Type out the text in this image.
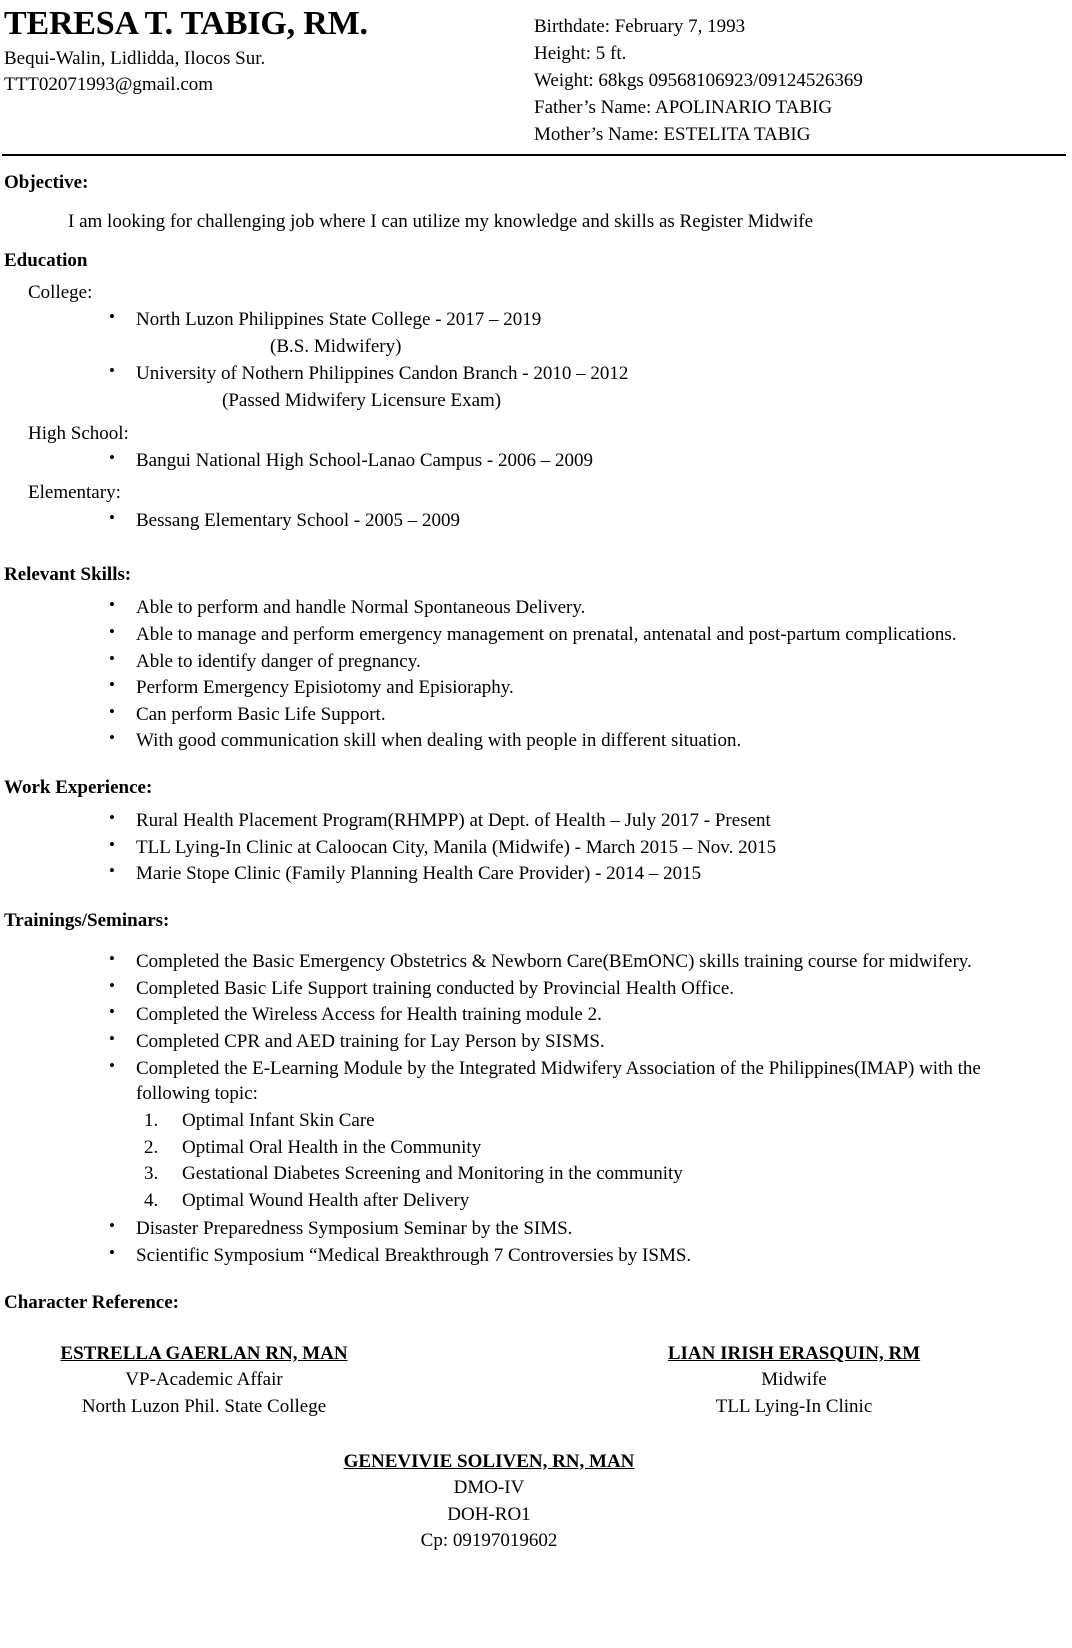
TERESA T. TABIG, RM.
Bequi-Walin, Lidlidda, Ilocos Sur.
TTT02071993@gmail.com
Birthdate: February 7, 1993
Height: 5 ft.
Weight: 68kgs 09568106923/09124526369
Father’s Name: APOLINARIO TABIG
Mother’s Name: ESTELITA TABIG
Objective:

I am looking for challenging job where I can utilize my knowledge and skills as Register Midwife

Education

College:

• North Luzon Philippines State College - 2017 – 2019
(B.S. Midwifery)
• University of Nothern Philippines Candon Branch - 2010 – 2012
(Passed Midwifery Licensure Exam)

High School:

• Bangui National High School-Lanao Campus - 2006 – 2009

Elementary:

• Bessang Elementary School - 2005 – 2009
Relevant Skills:
• Able to perform and handle Normal Spontaneous Delivery.
• Able to manage and perform emergency management on prenatal, antenatal and post-partum complications.
• Able to identify danger of pregnancy.
• Perform Emergency Episiotomy and Episioraphy.
• Can perform Basic Life Support.
• With good communication skill when dealing with people in different situation.
Work Experience:
• Rural Health Placement Program(RHMPP) at Dept. of Health – July 2017 - Present
• TLL Lying-In Clinic at Caloocan City, Manila (Midwife) - March 2015 – Nov. 2015
• Marie Stope Clinic (Family Planning Health Care Provider) - 2014 – 2015
Trainings/Seminars:
• Completed the Basic Emergency Obstetrics & Newborn Care(BEmONC) skills training course for midwifery.
• Completed Basic Life Support training conducted by Provincial Health Office.
• Completed the Wireless Access for Health training module 2.
• Completed CPR and AED training for Lay Person by SISMS.
• Completed the E-Learning Module by the Integrated Midwifery Association of the Philippines(IMAP) with the following topic:
Optimal Infant Skin Care
Optimal Oral Health in the Community
Gestational Diabetes Screening and Monitoring in the community
Optimal Wound Health after Delivery
• Disaster Preparedness Symposium Seminar by the SIMS.
• Scientific Symposium “Medical Breakthrough 7 Controversies by ISMS.
Character Reference:
ESTRELLA GAERLAN RN, MAN
VP-Academic Affair
North Luzon Phil. State College
LIAN IRISH ERASQUIN, RM
Midwife
TLL Lying-In Clinic
GENEVIVIE SOLIVEN, RN, MAN
DMO-IV
DOH-RO1
Cp: 09197019602
